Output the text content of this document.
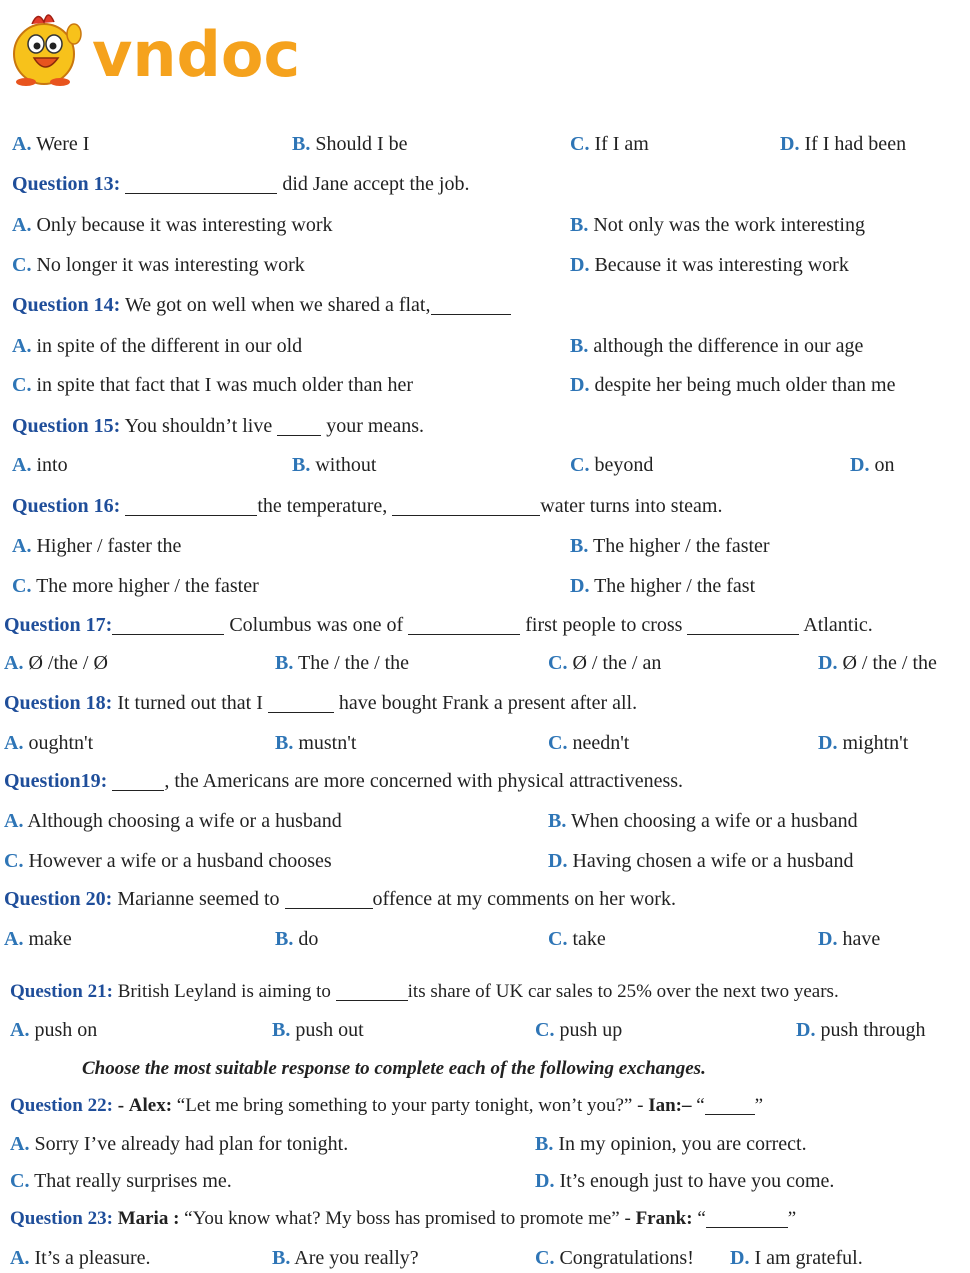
vndoc
A. Were I	B. Should I be	C. If I am	D. If I had been
Question 13:	did Jane accept the job.
A. Only because it was interesting work	B. Not only was the work interesting
C. No longer it was interesting work	D. Because it was interesting work
Question 14: We got on well when we shared a flat,
A. in spite of the different in our old	B. although the difference in our age
C. in spite that fact that I was much older than her	D. despite her being much older than me
Question 15: You shouldn’t live	your means.
A. into	B. without	C. beyond	D. on
Question 16:	the temperature,	water turns into steam.
A. Higher / faster the	B. The higher / the faster
C. The more higher / the faster	D. The higher / the fast
Question 17:	Columbus was one of	first people to cross	Atlantic.
A. Ø /the / Ø	B. The / the / the	C. Ø / the / an	D. Ø / the / the
Question 18: It turned out that I	have bought Frank a present after all.
A. oughtn't	B. mustn't	C. needn't	D. mightn't
Question19:	, the Americans are more concerned with physical attractiveness.
A. Although choosing a wife or a husband	B. When choosing a wife or a husband
C. However a wife or a husband chooses	D. Having chosen a wife or a husband
Question 20: Marianne seemed to	offence at my comments on her work.
A. make	B. do	C. take	D. have
Question 21: British Leyland is aiming to	its share of UK car sales to 25% over the next two years.
A. push on	B. push out	C. push up	D. push through
Choose the most suitable response to complete each of the following exchanges.
Question 22: - Alex: “Let me bring something to your party tonight, won’t you?” - Ian:– “	”
A. Sorry I’ve already had plan for tonight.	B. In my opinion, you are correct.
C. That really surprises me.	D. It’s enough just to have you come.
Question 23: Maria : “You know what? My boss has promised to promote me” - Frank: “	”
A. It’s a pleasure.	B. Are you really?	C. Congratulations! D. I am grateful.
